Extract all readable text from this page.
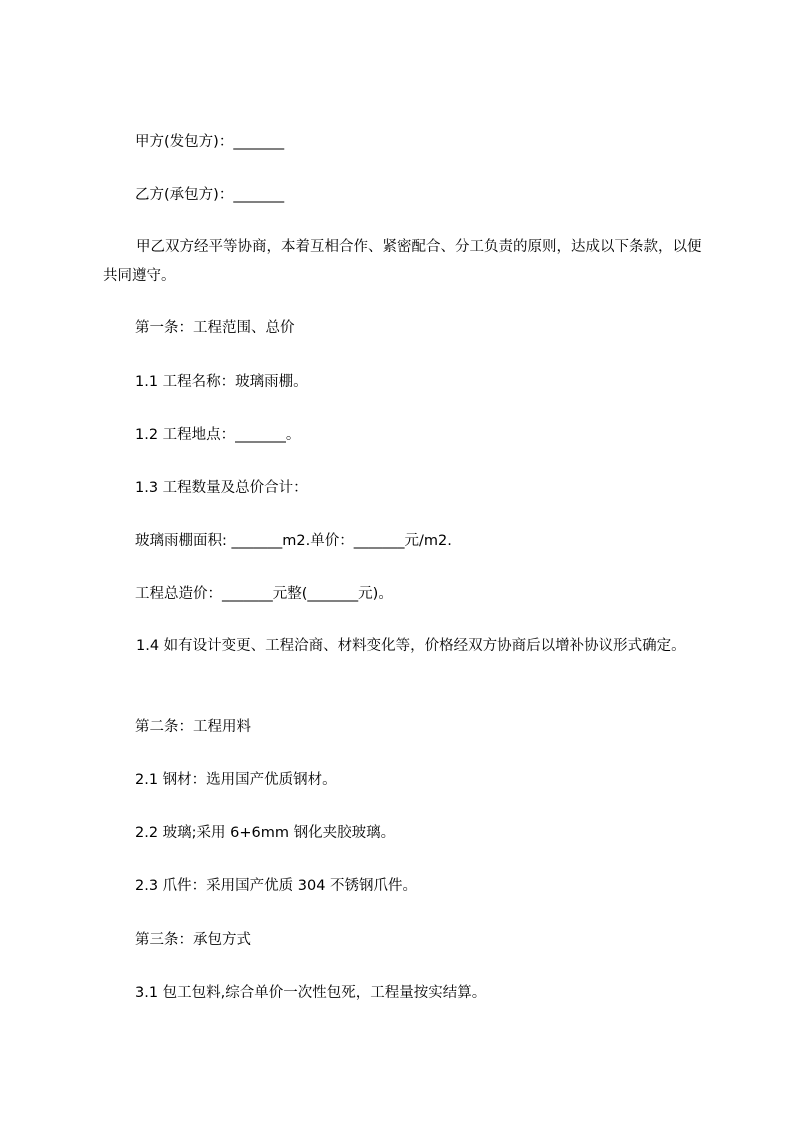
甲方(发包方)：_______
乙方(承包方)：_______
甲乙双方经平等协商，本着互相合作、紧密配合、分工负责的原则，达成以下条款，以便共同遵守。
第一条：工程范围、总价
1.1 工程名称：玻璃雨棚。
1.2 工程地点：_______。
1.3 工程数量及总价合计：
玻璃雨棚面积: _______m2.单价：_______元/m2.
工程总造价：_______元整(_______元)。
1.4 如有设计变更、工程洽商、材料变化等，价格经双方协商后以增补协议形式确定。
第二条：工程用料
2.1 钢材：选用国产优质钢材。
2.2 玻璃;采用 6+6mm 钢化夹胶玻璃。
2.3 爪件：采用国产优质 304 不锈钢爪件。
第三条：承包方式
3.1 包工包料,综合单价一次性包死，工程量按实结算。
